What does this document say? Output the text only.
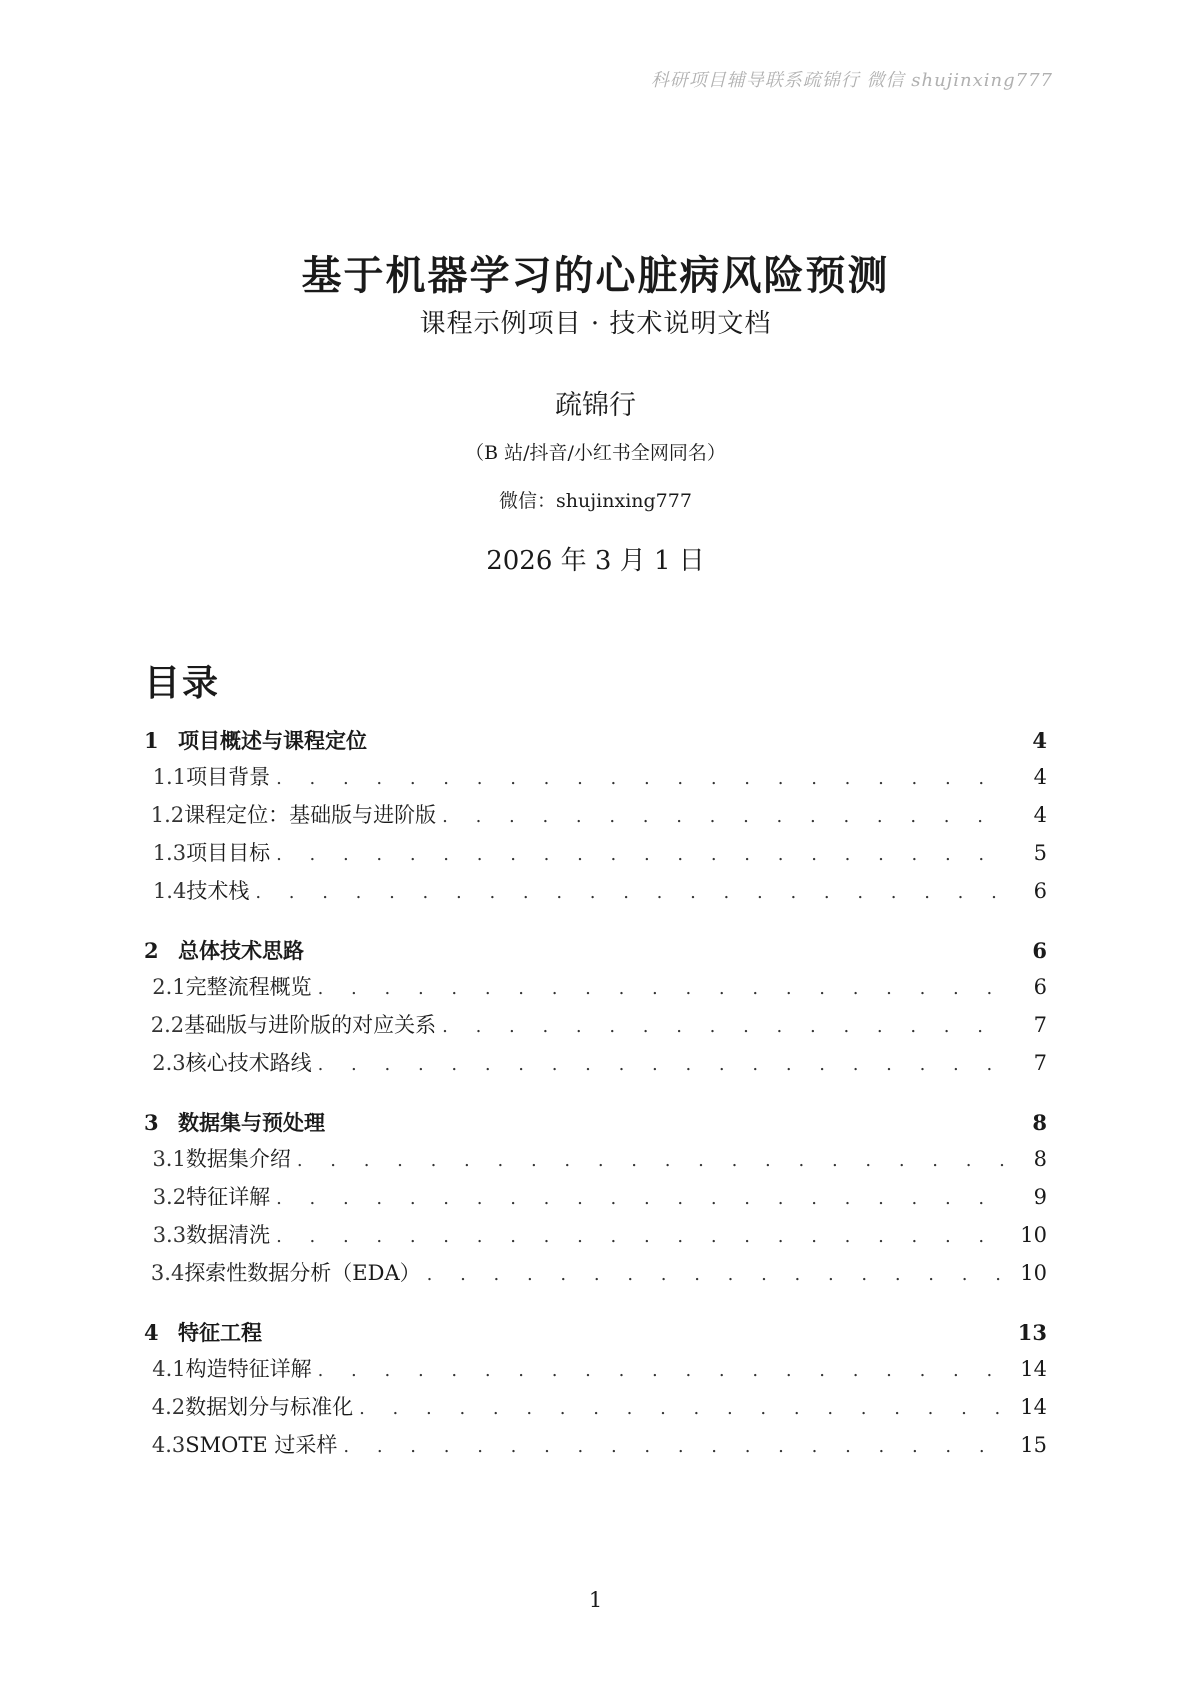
科研项目辅导联系疏锦行 微信 shujinxing777
基于机器学习的心脏病风险预测
课程示例项目 · 技术说明文档
疏锦行
（B 站/抖音/小红书全网同名）
微信：shujinxing777
2026 年 3 月 1 日
目录
1 项目概述与课程定位	4
1.1 项目背景 . . .	4
1.2 课程定位：基础版与进阶版 . . .	4
1.3 项目目标 . . .	5
1.4 技术栈 . . .	6
2 总体技术思路	6
2.1 完整流程概览 . . .	6
2.2 基础版与进阶版的对应关系 . . .	7
2.3 核心技术路线 . . .	7
3 数据集与预处理	8
3.1 数据集介绍 . . .	8
3.2 特征详解 . . .	9
3.3 数据清洗 . . .	10
3.4 探索性数据分析（EDA） . . .	10
4 特征工程	13
4.1 构造特征详解 . . .	14
4.2 数据划分与标准化 . . .	14
4.3 SMOTE 过采样 . . .	15
1
